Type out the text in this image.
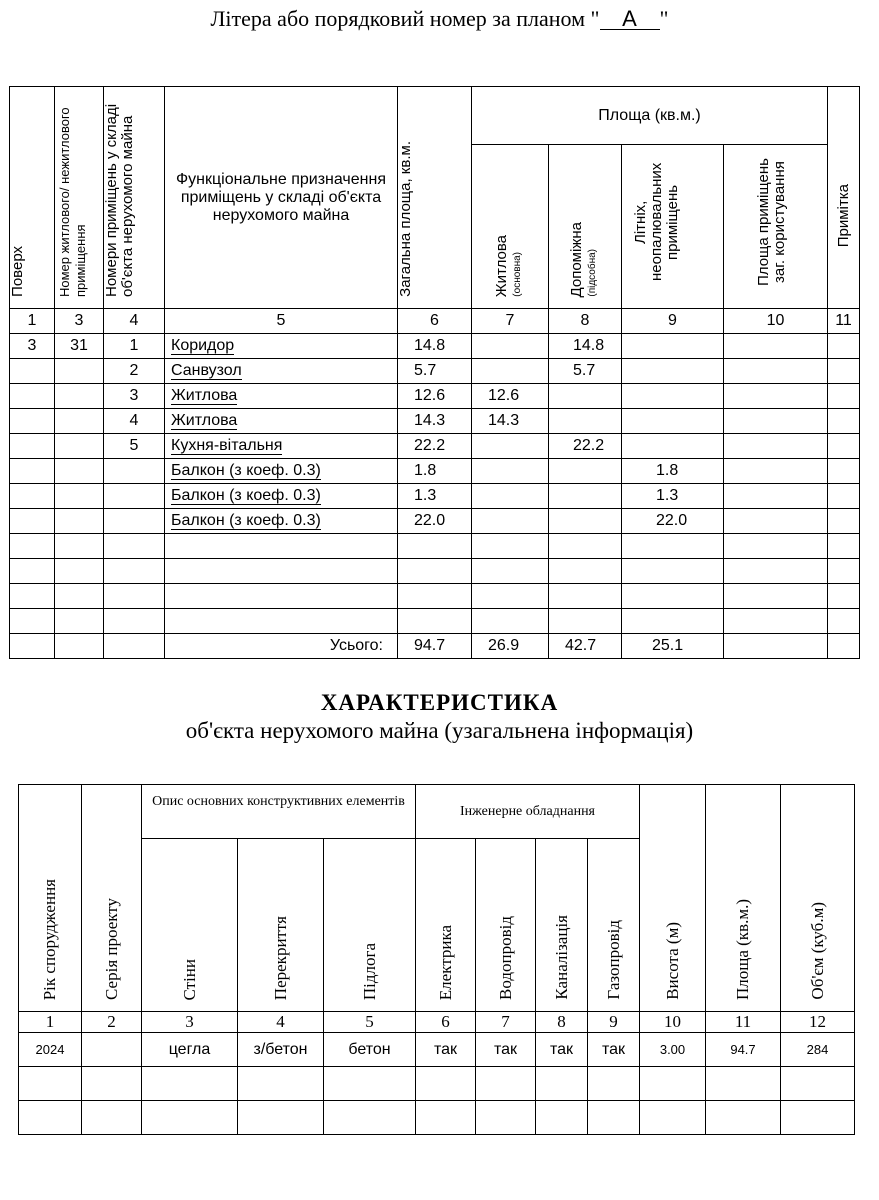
Літера або порядковий номер за планом " А "
Поверх	Номер житлового/ нежитлового приміщення	Номери приміщень у складі об'єкта нерухомого майна	Функціональне призначення приміщень у складі об'єкта нерухомого майна	Загальна площа, кв.м.	Площа (кв.м.)				Примітка
					Житлова (основна)	Допоміжна (підсобна)	Літніх, неопалювальних приміщень	Площа приміщень заг. користування	
1	3	4	5	6	7	8	9	10	11
3	31	1	Коридор	14.8		14.8			
		2	Санвузол	5.7		5.7			
		3	Житлова	12.6	12.6				
		4	Житлова	14.3	14.3				
		5	Кухня-вітальня	22.2		22.2			
			Балкон (з коеф. 0.3)	1.8			1.8		
			Балкон (з коеф. 0.3)	1.3			1.3		
			Балкон (з коеф. 0.3)	22.0			22.0		

			Усього:	94.7	26.9	42.7	25.1		
ХАРАКТЕРИСТИКА
об'єкта нерухомого майна (узагальнена інформація)
Рік спорудження	Серія проекту	Опис основних конструктивних елементів			Інженерне обладнання				Висота (м)	Площа (кв.м.)	Об'єм (куб.м)
		Стіни	Перекриття	Підлога	Електрика	Водопровід	Каналізація	Газопровід			
1	2	3	4	5	6	7	8	9	10	11	12
2024		цегла	з/бетон	бетон	так	так	так	так	3.00	94.7	284
